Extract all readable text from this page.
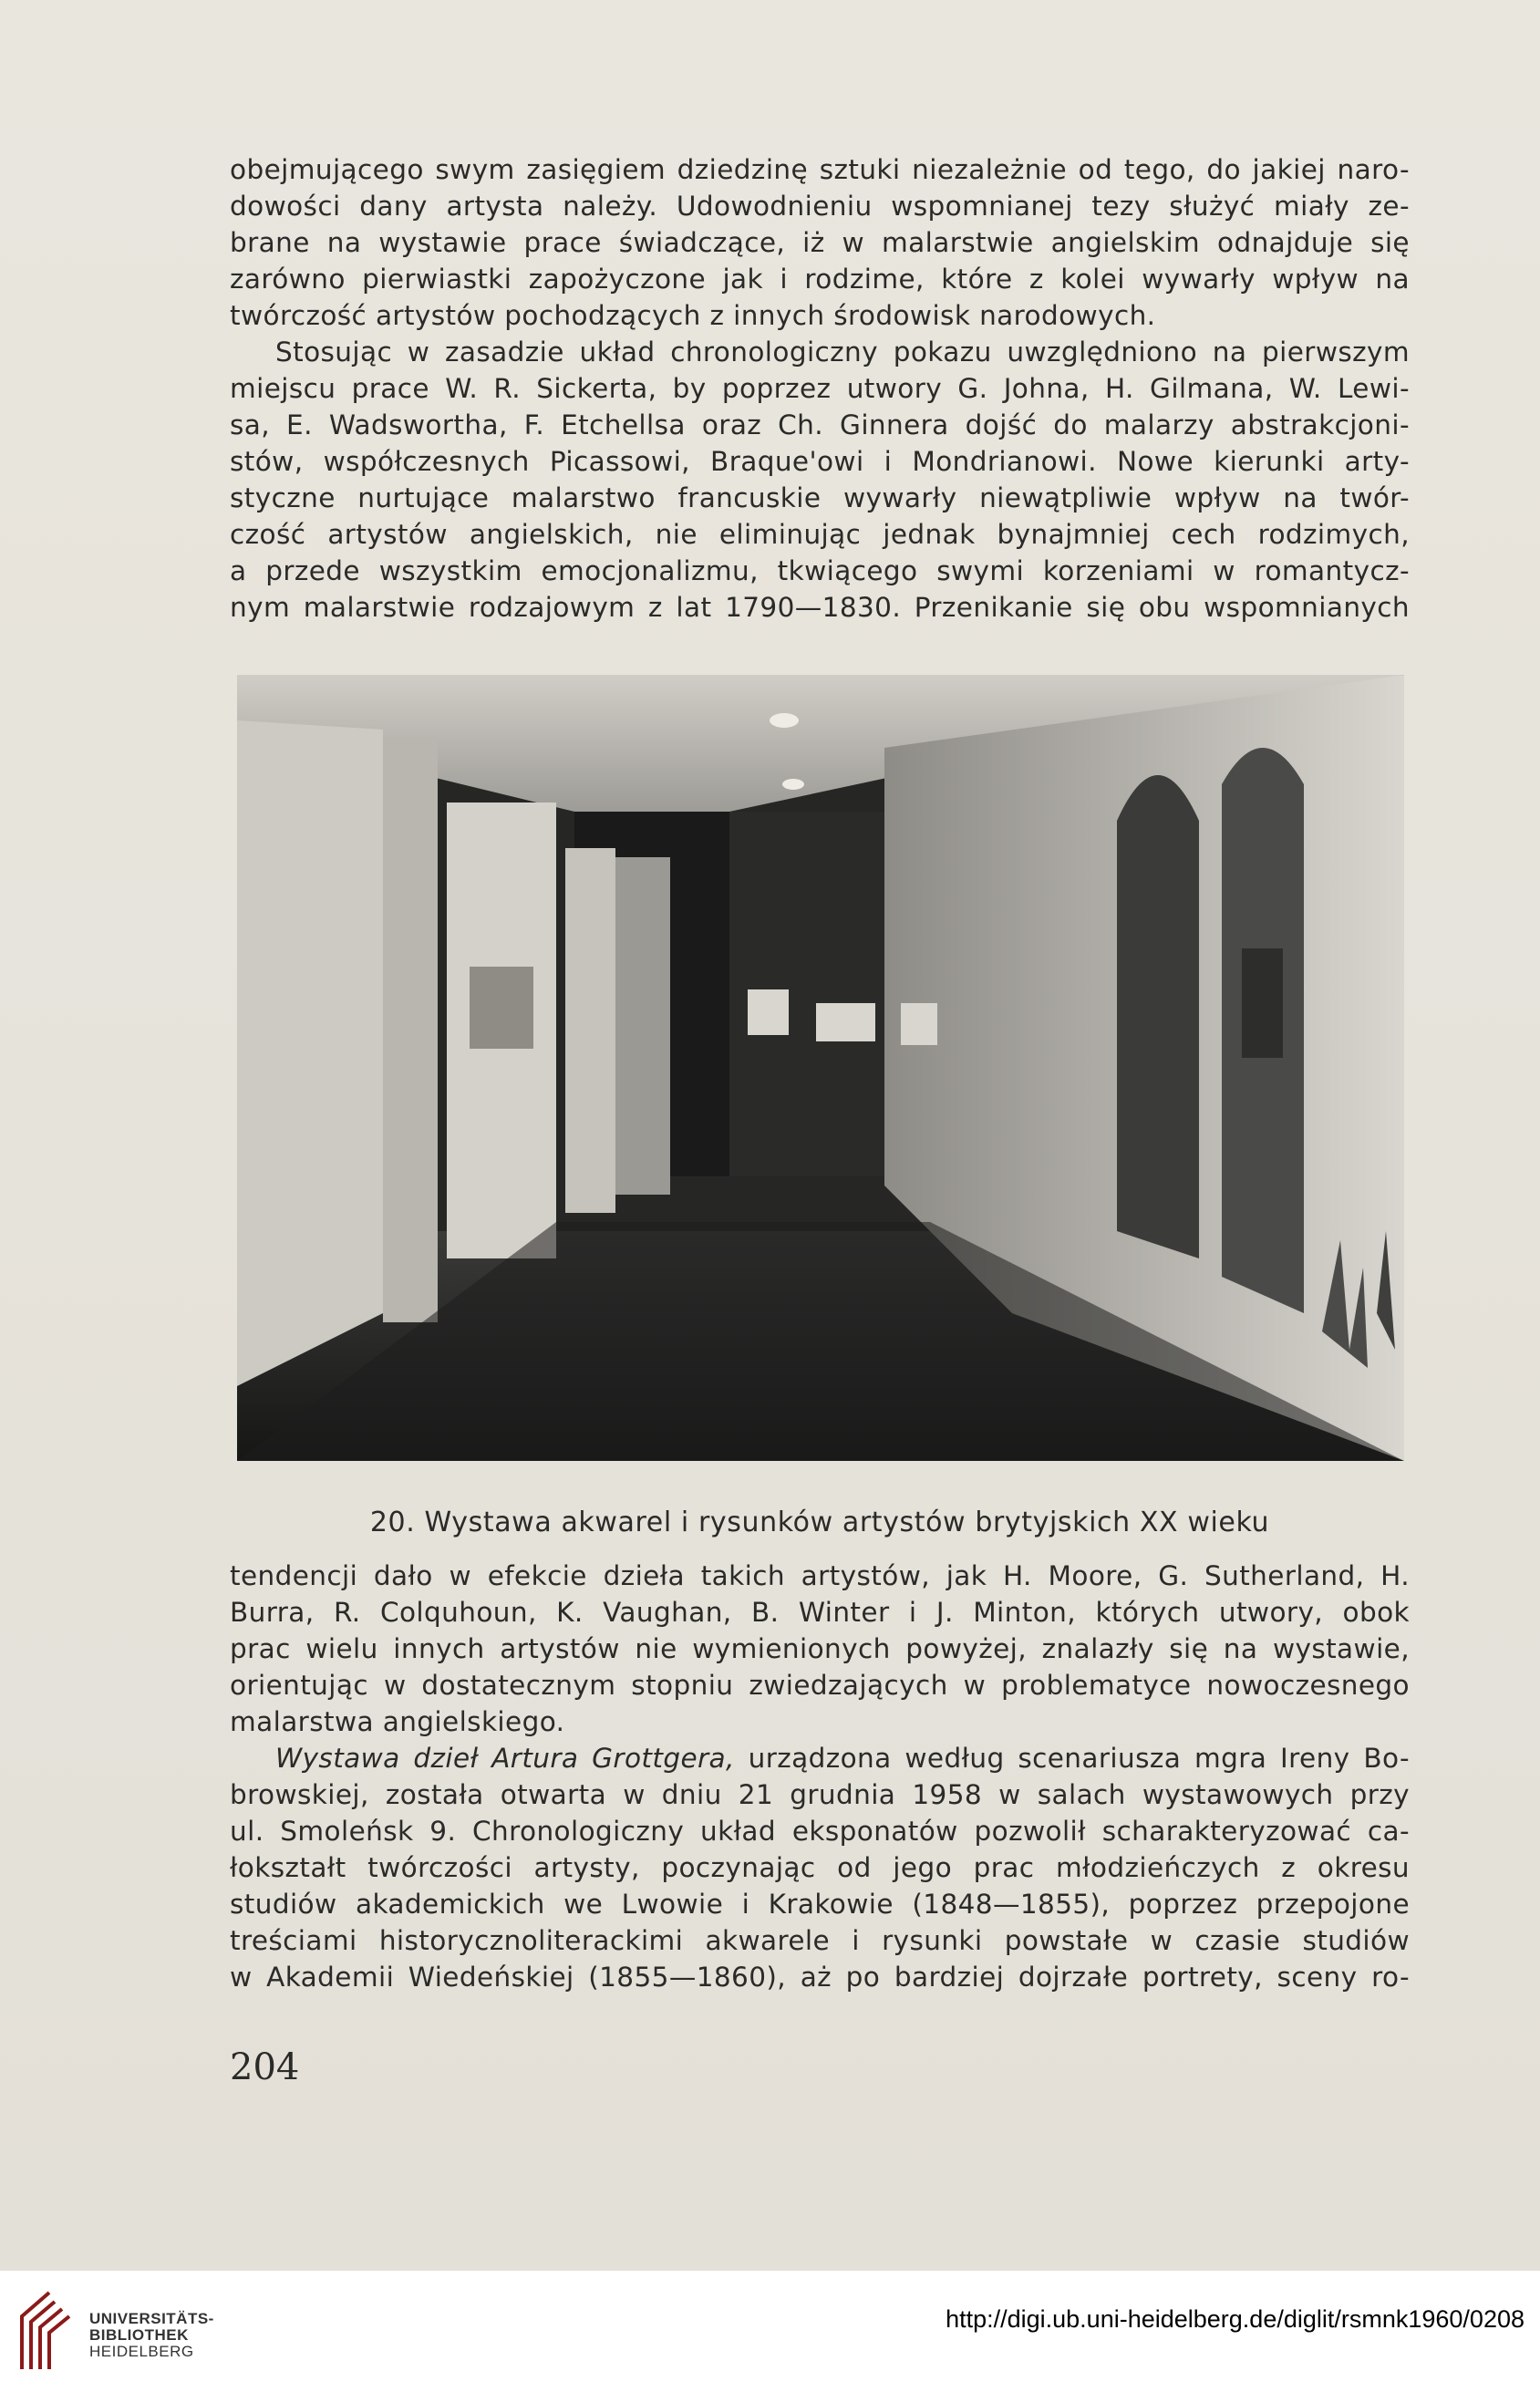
obejmującego swym zasięgiem dziedzinę sztuki niezależnie od tego, do jakiej naro-
dowości dany artysta należy. Udowodnieniu wspomnianej tezy służyć miały ze-
brane na wystawie prace świadczące, iż w malarstwie angielskim odnajduje się
zarówno pierwiastki zapożyczone jak i rodzime, które z kolei wywarły wpływ na
twórczość artystów pochodzących z innych środowisk narodowych.
Stosując w zasadzie układ chronologiczny pokazu uwzględniono na pierwszym
miejscu prace W. R. Sickerta, by poprzez utwory G. Johna, H. Gilmana, W. Lewi-
sa, E. Wadswortha, F. Etchellsa oraz Ch. Ginnera dojść do malarzy abstrakcjoni-
stów, współczesnych Picassowi, Braque'owi i Mondrianowi. Nowe kierunki arty-
styczne nurtujące malarstwo francuskie wywarły niewątpliwie wpływ na twór-
czość artystów angielskich, nie eliminując jednak bynajmniej cech rodzimych,
a przede wszystkim emocjonalizmu, tkwiącego swymi korzeniami w romantycz-
nym malarstwie rodzajowym z lat 1790—1830. Przenikanie się obu wspomnianych
20. Wystawa akwarel i rysunków artystów brytyjskich XX wieku
tendencji dało w efekcie dzieła takich artystów, jak H. Moore, G. Sutherland, H.
Burra, R. Colquhoun, K. Vaughan, B. Winter i J. Minton, których utwory, obok
prac wielu innych artystów nie wymienionych powyżej, znalazły się na wystawie,
orientując w dostatecznym stopniu zwiedzających w problematyce nowoczesnego
malarstwa angielskiego.
Wystawa dzieł Artura Grottgera, urządzona według scenariusza mgra Ireny Bo-
browskiej, została otwarta w dniu 21 grudnia 1958 w salach wystawowych przy
ul. Smoleńsk 9. Chronologiczny układ eksponatów pozwolił scharakteryzować ca-
łokształt twórczości artysty, poczynając od jego prac młodzieńczych z okresu
studiów akademickich we Lwowie i Krakowie (1848—1855), poprzez przepojone
treściami historycznoliterackimi akwarele i rysunki powstałe w czasie studiów
w Akademii Wiedeńskiej (1855—1860), aż po bardziej dojrzałe portrety, sceny ro-
204
UNIVERSITÄTS-
BIBLIOTHEK
HEIDELBERG
http://digi.ub.uni-heidelberg.de/diglit/rsmnk1960/0208
